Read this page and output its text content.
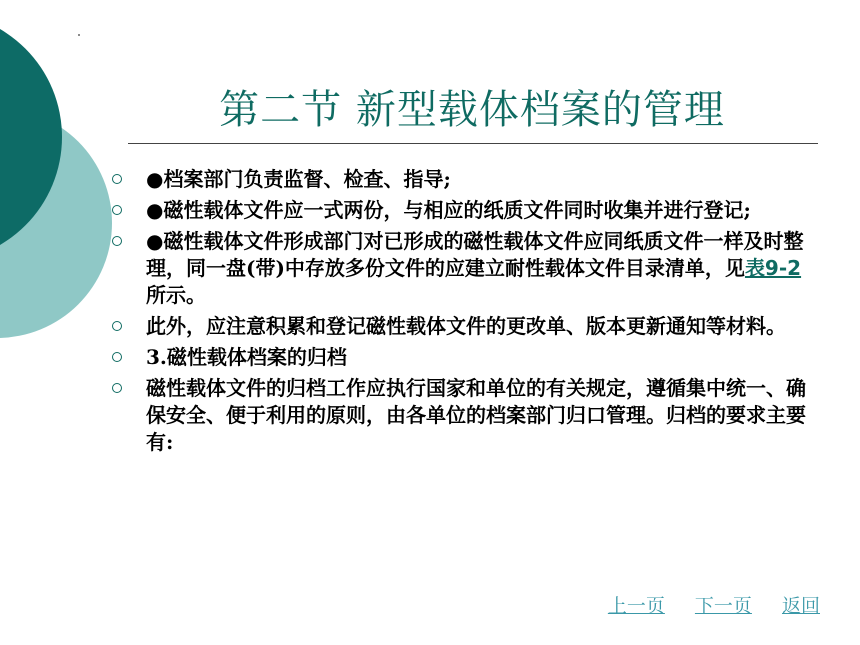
第二节 新型载体档案的管理
●档案部门负责监督、检查、指导;
●磁性载体文件应一式两份，与相应的纸质文件同时收集并进行登记;
●磁性载体文件形成部门对已形成的磁性载体文件应同纸质文件一样及时整理，同一盘(带)中存放多份文件的应建立耐性载体文件目录清单，见表9-2所示。
此外，应注意积累和登记磁性载体文件的更改单、版本更新通知等材料。
3.磁性载体档案的归档
磁性载体文件的归档工作应执行国家和单位的有关规定，遵循集中统一、确保安全、便于利用的原则，由各单位的档案部门归口管理。归档的要求主要有:
上一页 下一页 返回
